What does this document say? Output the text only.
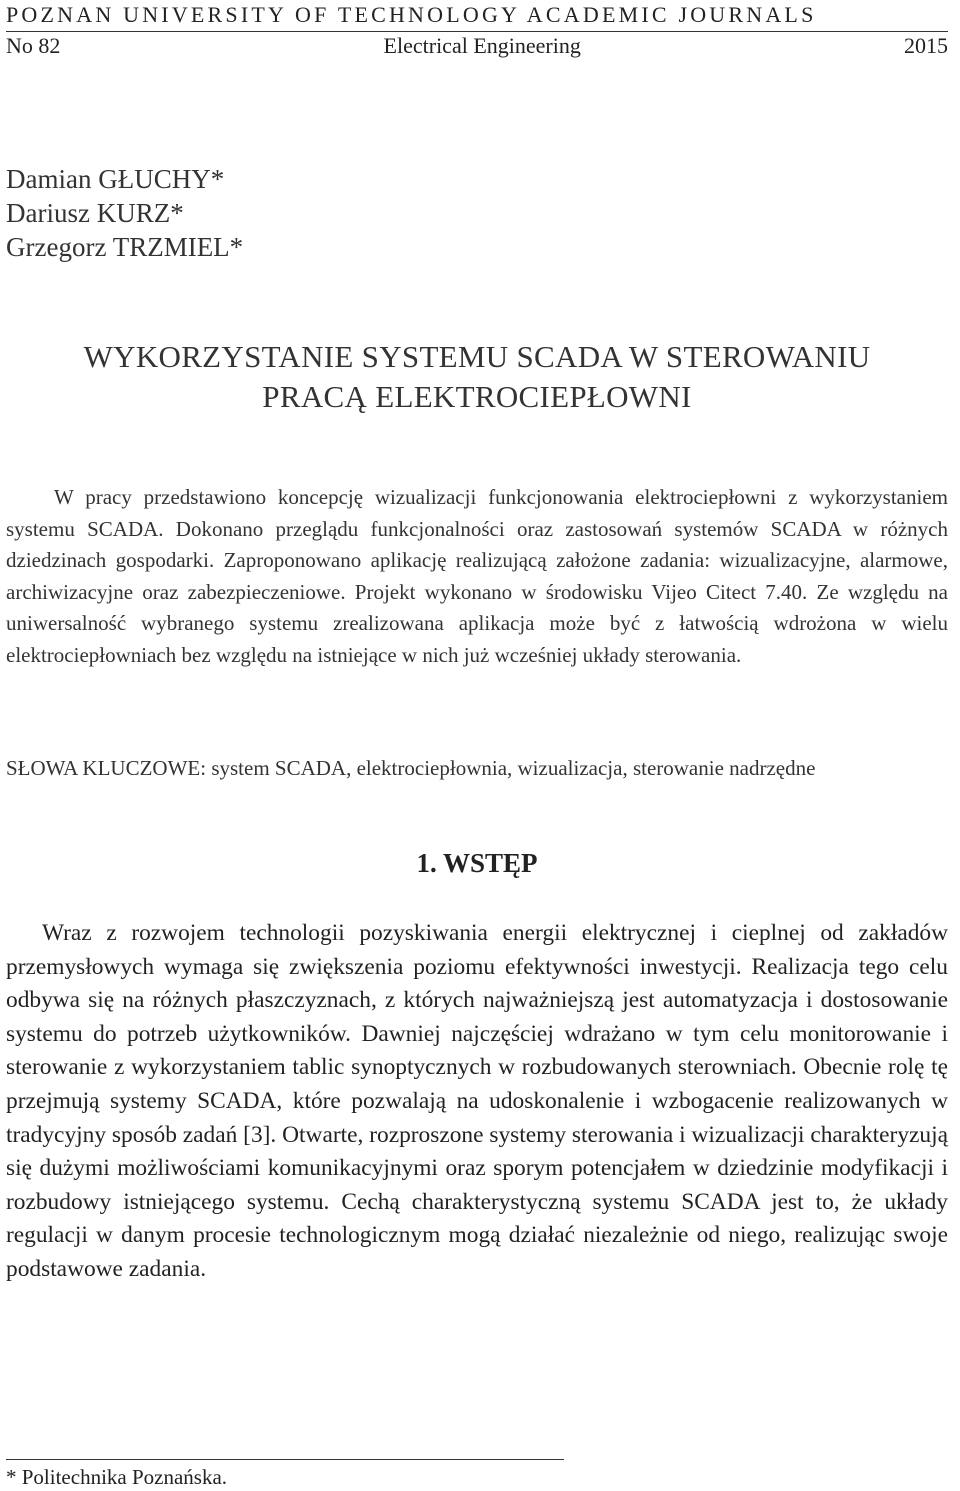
POZNAN UNIVERSITY OF TECHNOLOGY ACADEMIC JOURNALS
No 82	Electrical Engineering	2015
Damian GŁUCHY*
Dariusz KURZ*
Grzegorz TRZMIEL*
WYKORZYSTANIE SYSTEMU SCADA W STEROWANIU
PRACĄ ELEKTROCIEPŁOWNI
W pracy przedstawiono koncepcję wizualizacji funkcjonowania elektrociepłowni z wykorzystaniem systemu SCADA. Dokonano przeglądu funkcjonalności oraz zastosowań systemów SCADA w różnych dziedzinach gospodarki. Zaproponowano aplikację realizującą założone zadania: wizualizacyjne, alarmowe, archiwizacyjne oraz zabezpieczeniowe. Projekt wykonano w środowisku Vijeo Citect 7.40. Ze względu na uniwersalność wybranego systemu zrealizowana aplikacja może być z łatwością wdrożona w wielu elektrociepłowniach bez względu na istniejące w nich już wcześniej układy sterowania.
SŁOWA KLUCZOWE: system SCADA, elektrociepłownia, wizualizacja, sterowanie nadrzędne
1. WSTĘP
Wraz z rozwojem technologii pozyskiwania energii elektrycznej i cieplnej od zakładów przemysłowych wymaga się zwiększenia poziomu efektywności inwestycji. Realizacja tego celu odbywa się na różnych płaszczyznach, z których najważniejszą jest automatyzacja i dostosowanie systemu do potrzeb użytkowników. Dawniej najczęściej wdrażano w tym celu monitorowanie i sterowanie z wykorzystaniem tablic synoptycznych w rozbudowanych sterowniach. Obecnie rolę tę przejmują systemy SCADA, które pozwalają na udoskonalenie i wzbogacenie realizowanych w tradycyjny sposób zadań [3]. Otwarte, rozproszone systemy sterowania i wizualizacji charakteryzują się dużymi możliwościami komunikacyjnymi oraz sporym potencjałem w dziedzinie modyfikacji i rozbudowy istniejącego systemu. Cechą charakterystyczną systemu SCADA jest to, że układy regulacji w danym procesie technologicznym mogą działać niezależnie od niego, realizując swoje podstawowe zadania.
* Politechnika Poznańska.
